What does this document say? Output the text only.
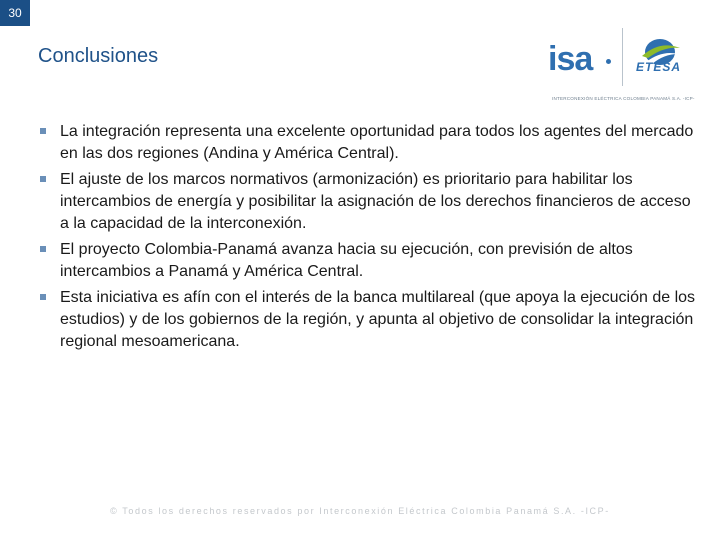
30
Conclusiones	isa	ETESA
INTERCONEXIÓN ELÉCTRICA COLOMBIA PANAMÁ S.A. -ICP-
La integración representa una excelente oportunidad para todos los agentes del mercado en las dos regiones (Andina y América Central).
El ajuste de los marcos normativos (armonización) es prioritario para habilitar los intercambios de energía y posibilitar la asignación de los derechos financieros de acceso a la capacidad de la interconexión.
El proyecto Colombia-Panamá avanza hacia su ejecución, con previsión de altos intercambios a Panamá y América Central.
Esta iniciativa es afín con el interés de la banca multilareal (que apoya la ejecución de los estudios) y de los gobiernos de la región, y apunta al objetivo de consolidar la integración regional mesoamericana.
© Todos los derechos reservados por Interconexión Eléctrica Colombia Panamá S.A. -ICP-
